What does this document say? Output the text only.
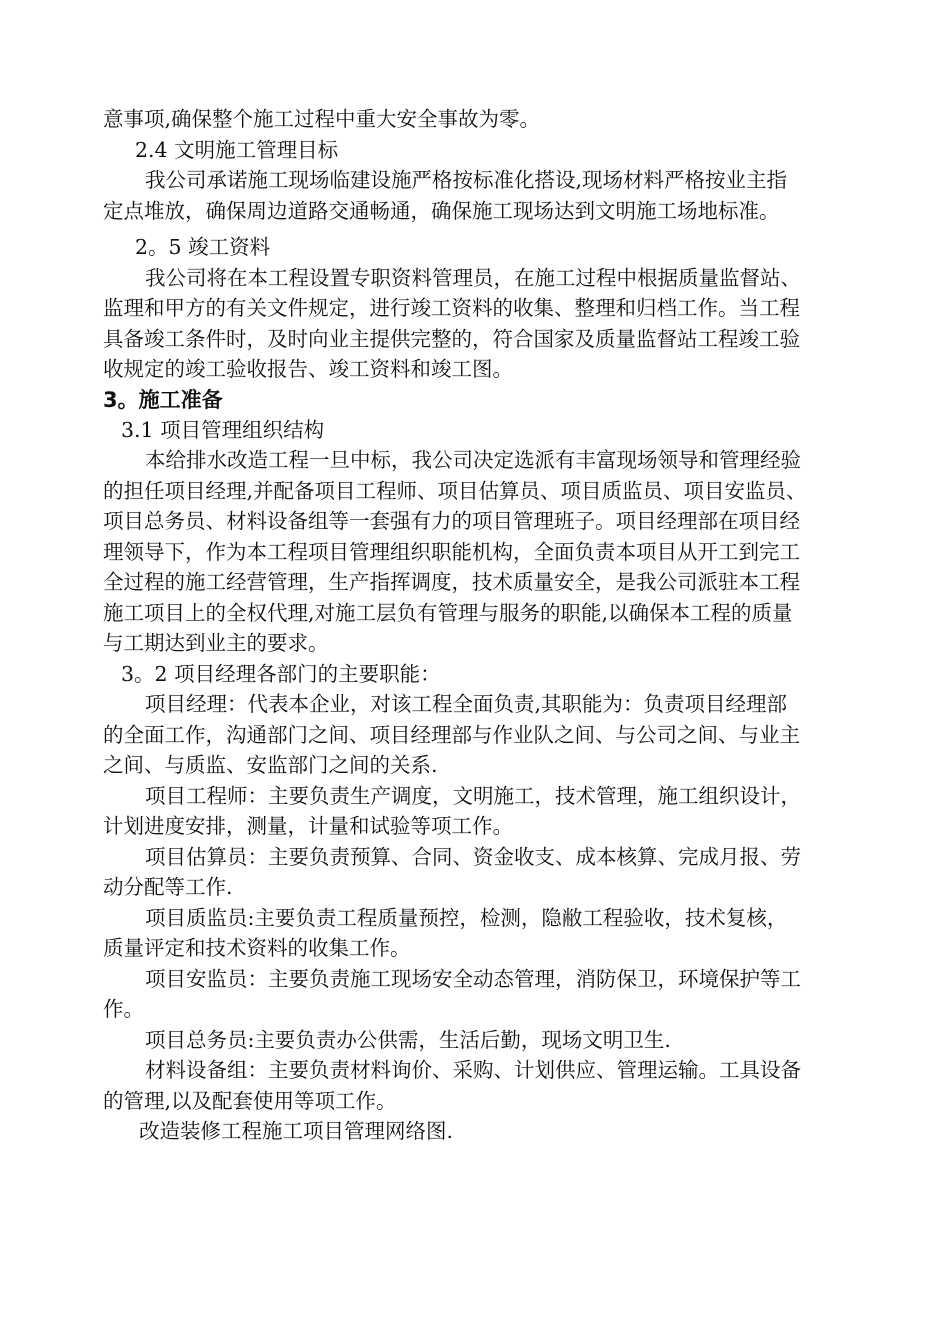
意事项,确保整个施工过程中重大安全事故为零。
2.4 文明施工管理目标
我公司承诺施工现场临建设施严格按标准化搭设,现场材料严格按业主指
定点堆放，确保周边道路交通畅通，确保施工现场达到文明施工场地标准。
2。5 竣工资料
我公司将在本工程设置专职资料管理员，在施工过程中根据质量监督站、
监理和甲方的有关文件规定，进行竣工资料的收集、整理和归档工作。当工程
具备竣工条件时，及时向业主提供完整的，符合国家及质量监督站工程竣工验
收规定的竣工验收报告、竣工资料和竣工图。
3。施工准备
3.1 项目管理组织结构
本给排水改造工程一旦中标，我公司决定选派有丰富现场领导和管理经验
的担任项目经理,并配备项目工程师、项目估算员、项目质监员、项目安监员、
项目总务员、材料设备组等一套强有力的项目管理班子。项目经理部在项目经
理领导下，作为本工程项目管理组织职能机构，全面负责本项目从开工到完工
全过程的施工经营管理，生产指挥调度，技术质量安全，是我公司派驻本工程
施工项目上的全权代理,对施工层负有管理与服务的职能,以确保本工程的质量
与工期达到业主的要求。
3。2 项目经理各部门的主要职能：
项目经理：代表本企业，对该工程全面负责,其职能为：负责项目经理部
的全面工作，沟通部门之间、项目经理部与作业队之间、与公司之间、与业主
之间、与质监、安监部门之间的关系.
项目工程师：主要负责生产调度，文明施工，技术管理，施工组织设计，
计划进度安排，测量，计量和试验等项工作。
项目估算员：主要负责预算、合同、资金收支、成本核算、完成月报、劳
动分配等工作.
项目质监员:主要负责工程质量预控，检测，隐敝工程验收，技术复核，
质量评定和技术资料的收集工作。
项目安监员：主要负责施工现场安全动态管理，消防保卫，环境保护等工
作。
项目总务员:主要负责办公供需，生活后勤，现场文明卫生.
材料设备组：主要负责材料询价、采购、计划供应、管理运输。工具设备
的管理,以及配套使用等项工作。
改造装修工程施工项目管理网络图.
